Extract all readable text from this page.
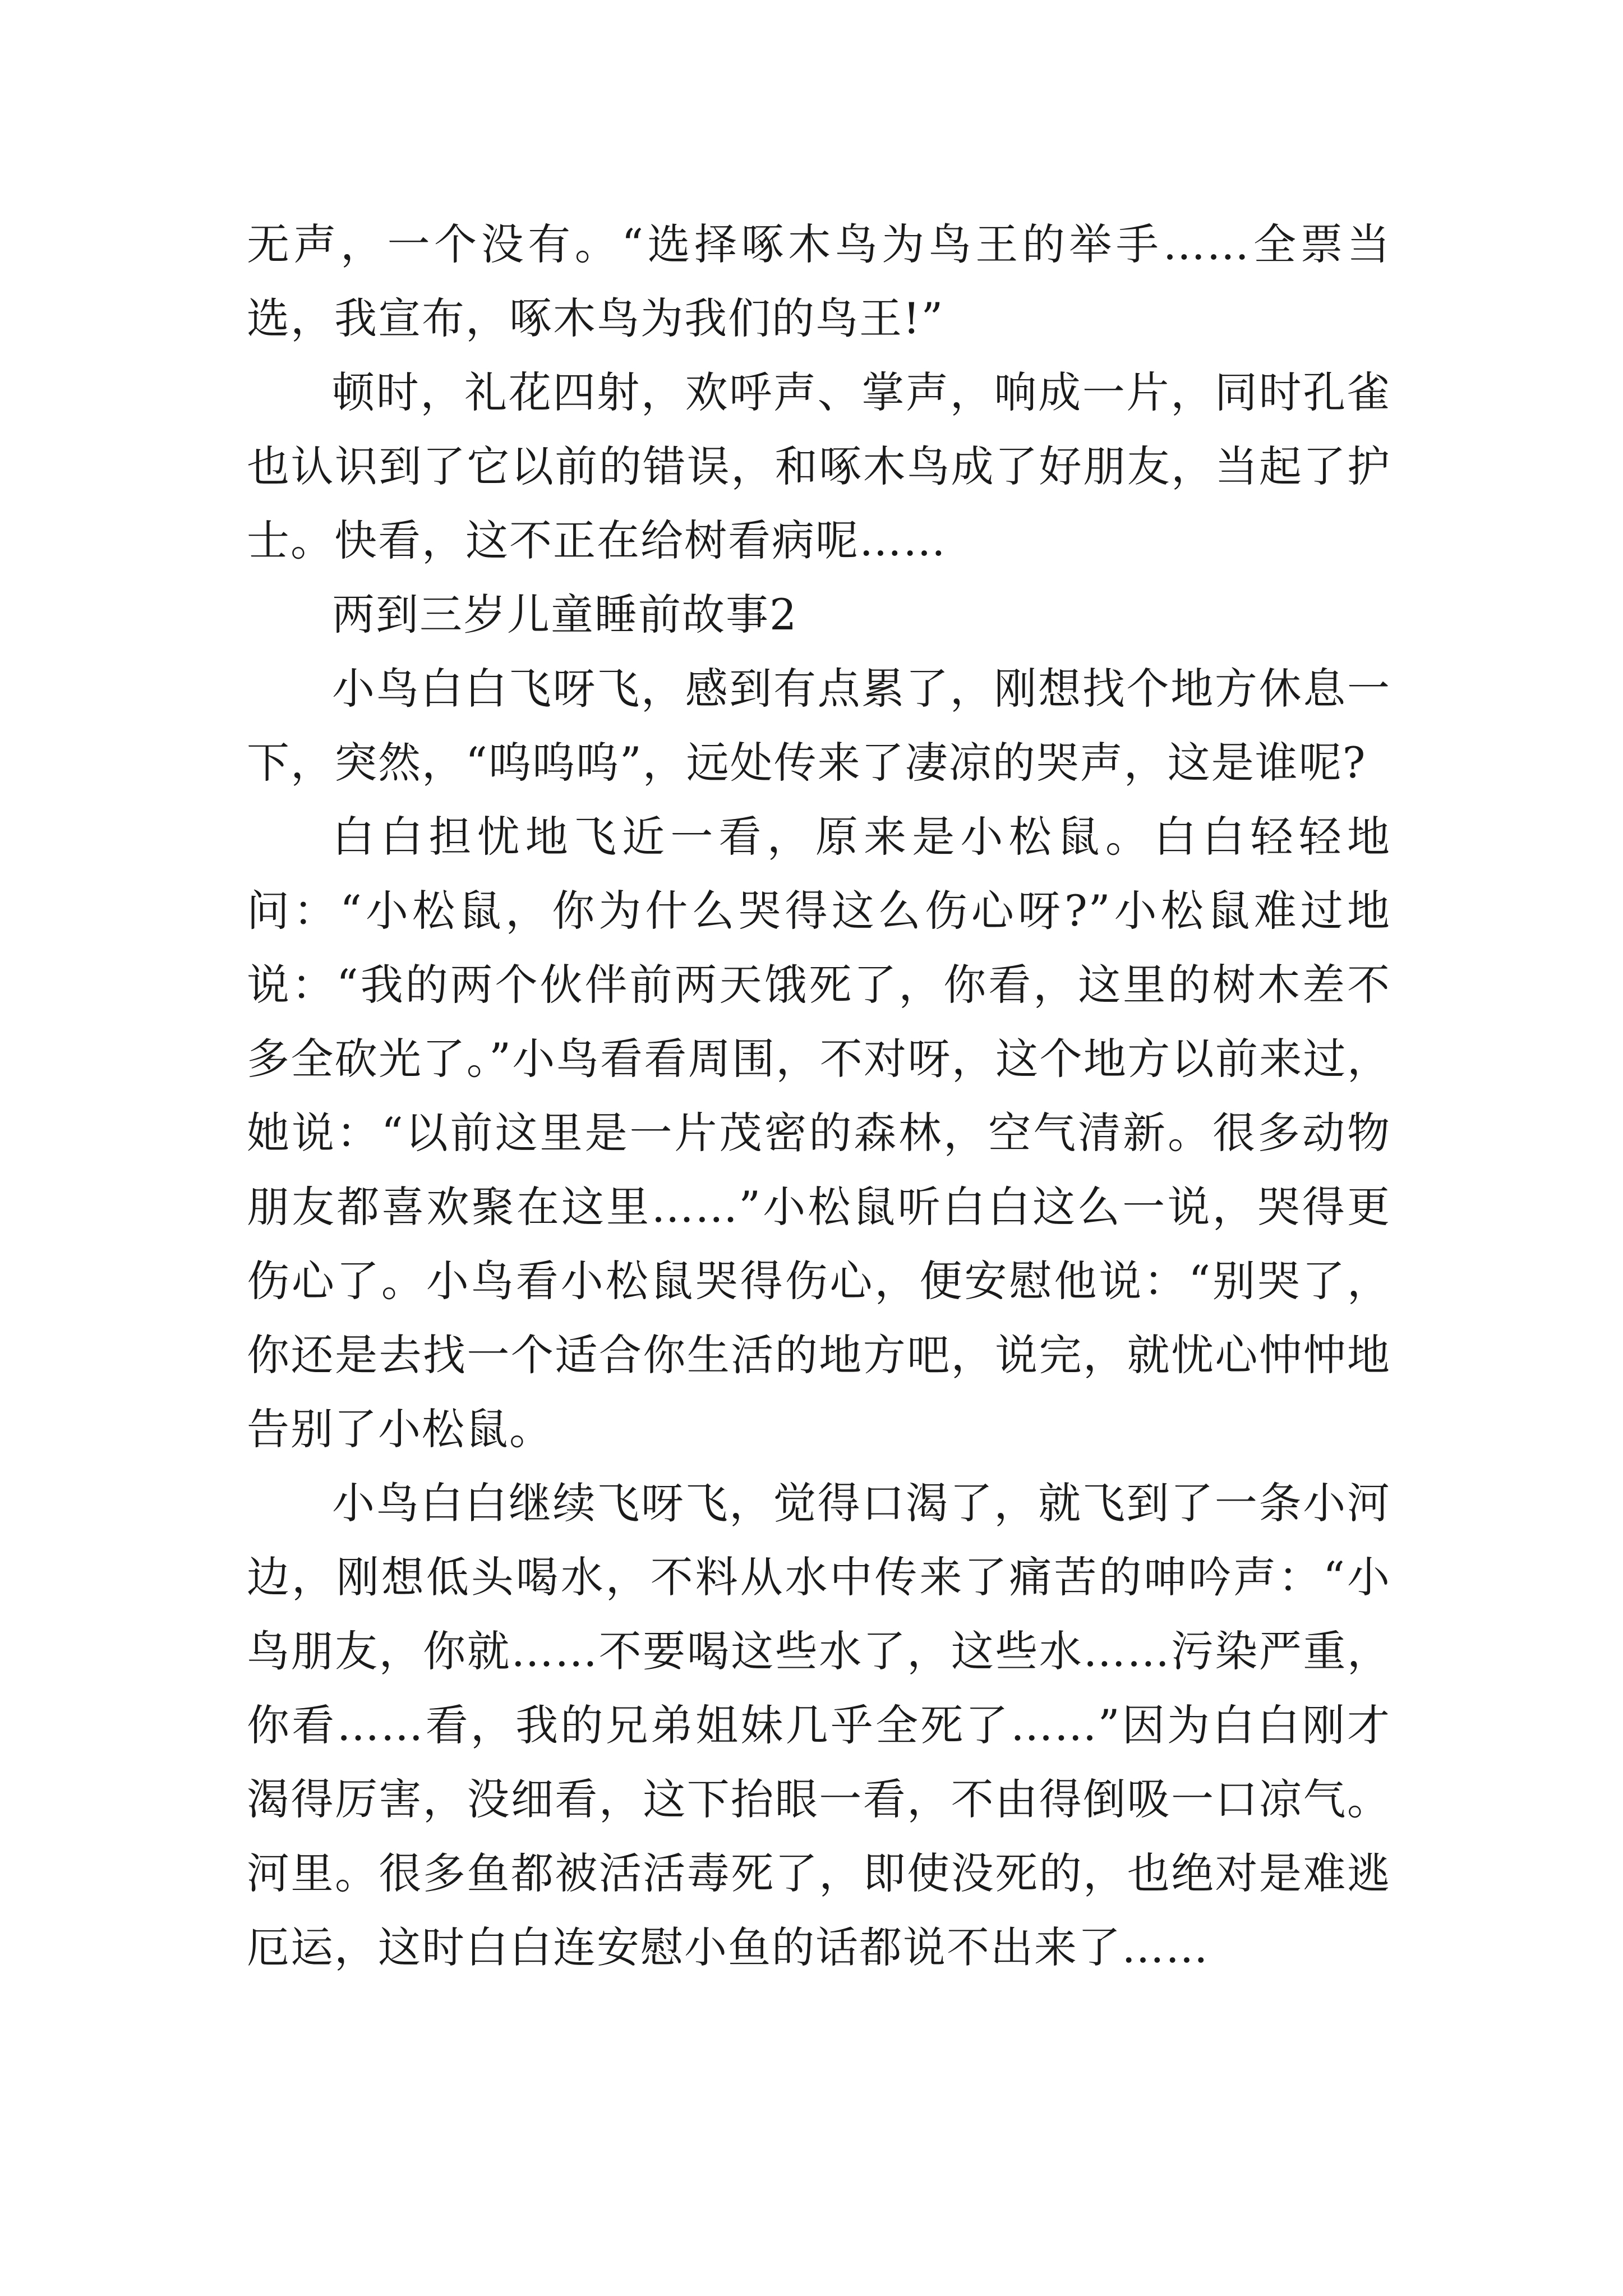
无声，一个没有。“选择啄木鸟为鸟王的举手……全票当选，我宣布，啄木鸟为我们的鸟王!”

顿时，礼花四射，欢呼声、掌声，响成一片，同时孔雀也认识到了它以前的错误，和啄木鸟成了好朋友，当起了护士。快看，这不正在给树看病呢……

两到三岁儿童睡前故事2

小鸟白白飞呀飞，感到有点累了，刚想找个地方休息一下，突然，“呜呜呜”，远处传来了凄凉的哭声，这是谁呢?

白白担忧地飞近一看，原来是小松鼠。白白轻轻地问：“小松鼠，你为什么哭得这么伤心呀?”小松鼠难过地说：“我的两个伙伴前两天饿死了，你看，这里的树木差不多全砍光了。”小鸟看看周围，不对呀，这个地方以前来过，她说：“以前这里是一片茂密的森林，空气清新。很多动物朋友都喜欢聚在这里……”小松鼠听白白这么一说，哭得更伤心了。小鸟看小松鼠哭得伤心，便安慰他说：“别哭了，你还是去找一个适合你生活的地方吧，说完，就忧心忡忡地告别了小松鼠。

小鸟白白继续飞呀飞，觉得口渴了，就飞到了一条小河边，刚想低头喝水，不料从水中传来了痛苦的呻吟声：“小鸟朋友，你就……不要喝这些水了，这些水……污染严重，你看……看，我的兄弟姐妹几乎全死了……”因为白白刚才渴得厉害，没细看，这下抬眼一看，不由得倒吸一口凉气。河里。很多鱼都被活活毒死了，即使没死的，也绝对是难逃厄运，这时白白连安慰小鱼的话都说不出来了……
